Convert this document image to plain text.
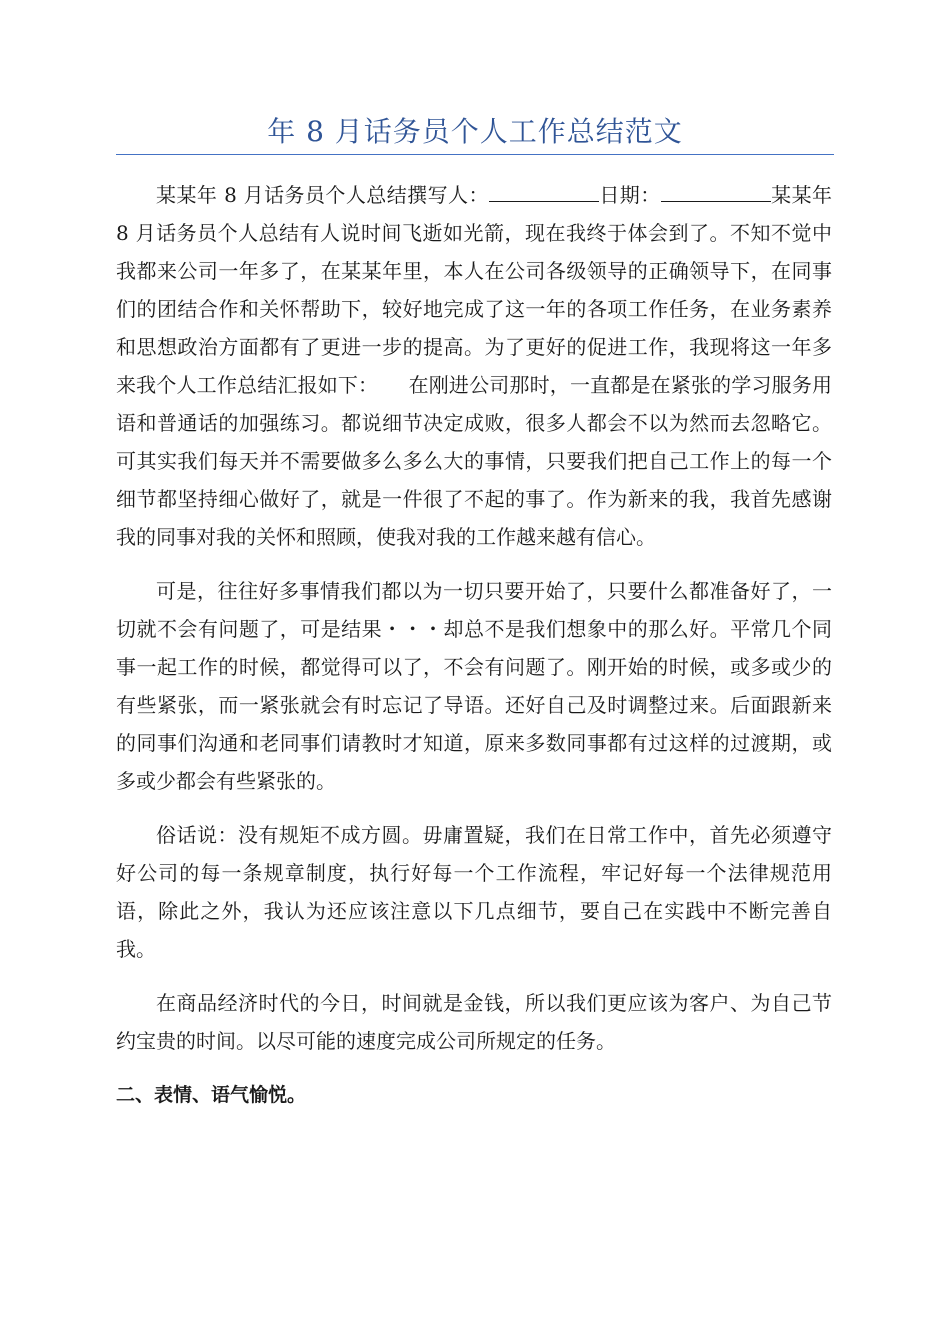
年 8 月话务员个人工作总结范文

某某年 8 月话务员个人总结撰写人：	日期：	某某年 8 月话务员个人总结有人说时间飞逝如光箭，现在我终于体会到了。不知不觉中我都来公司一年多了，在某某年里，本人在公司各级领导的正确领导下，在同事们的团结合作和关怀帮助下，较好地完成了这一年的各项工作任务，在业务素养和思想政治方面都有了更进一步的提高。为了更好的促进工作，我现将这一年多来我个人工作总结汇报如下：　　在刚进公司那时，一直都是在紧张的学习服务用语和普通话的加强练习。都说细节决定成败，很多人都会不以为然而去忽略它。可其实我们每天并不需要做多么多么大的事情，只要我们把自己工作上的每一个细节都坚持细心做好了，就是一件很了不起的事了。作为新来的我，我首先感谢我的同事对我的关怀和照顾，使我对我的工作越来越有信心。

可是，往往好多事情我们都以为一切只要开始了，只要什么都准备好了，一切就不会有问题了，可是结果・・・却总不是我们想象中的那么好。平常几个同事一起工作的时候，都觉得可以了，不会有问题了。刚开始的时候，或多或少的有些紧张，而一紧张就会有时忘记了导语。还好自己及时调整过来。后面跟新来的同事们沟通和老同事们请教时才知道，原来多数同事都有过这样的过渡期，或多或少都会有些紧张的。

俗话说：没有规矩不成方圆。毋庸置疑，我们在日常工作中，首先必须遵守好公司的每一条规章制度，执行好每一个工作流程，牢记好每一个法律规范用语，除此之外，我认为还应该注意以下几点细节，要自己在实践中不断完善自我。

在商品经济时代的今日，时间就是金钱，所以我们更应该为客户、为自己节约宝贵的时间。以尽可能的速度完成公司所规定的任务。

二、表情、语气愉悦。
